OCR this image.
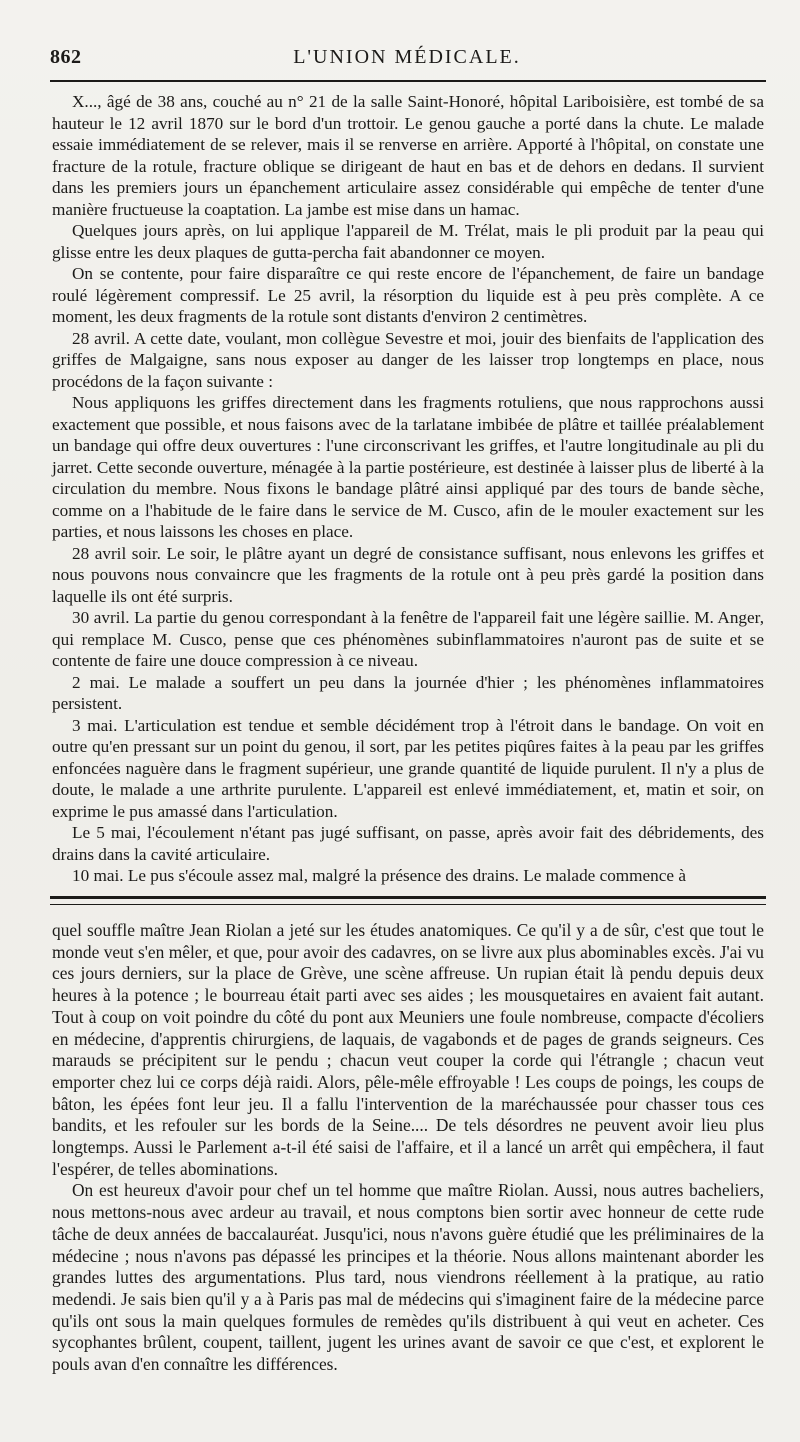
862	L'UNION MÉDICALE.

X..., âgé de 38 ans, couché au n° 21 de la salle Saint-Honoré, hôpital Lariboisière, est tombé de sa hauteur le 12 avril 1870 sur le bord d'un trottoir. Le genou gauche a porté dans la chute. Le malade essaie immédiatement de se relever, mais il se renverse en arrière. Apporté à l'hôpital, on constate une fracture de la rotule, fracture oblique se dirigeant de haut en bas et de dehors en dedans. Il survient dans les premiers jours un épanchement articulaire assez considérable qui empêche de tenter d'une manière fructueuse la coaptation. La jambe est mise dans un hamac.

Quelques jours après, on lui applique l'appareil de M. Trélat, mais le pli produit par la peau qui glisse entre les deux plaques de gutta-percha fait abandonner ce moyen.

On se contente, pour faire disparaître ce qui reste encore de l'épanchement, de faire un bandage roulé légèrement compressif. Le 25 avril, la résorption du liquide est à peu près complète. A ce moment, les deux fragments de la rotule sont distants d'environ 2 centimètres.

28 avril. A cette date, voulant, mon collègue Sevestre et moi, jouir des bienfaits de l'application des griffes de Malgaigne, sans nous exposer au danger de les laisser trop longtemps en place, nous procédons de la façon suivante :

Nous appliquons les griffes directement dans les fragments rotuliens, que nous rapprochons aussi exactement que possible, et nous faisons avec de la tarlatane imbibée de plâtre et taillée préalablement un bandage qui offre deux ouvertures : l'une circonscrivant les griffes, et l'autre longitudinale au pli du jarret. Cette seconde ouverture, ménagée à la partie postérieure, est destinée à laisser plus de liberté à la circulation du membre. Nous fixons le bandage plâtré ainsi appliqué par des tours de bande sèche, comme on a l'habitude de le faire dans le service de M. Cusco, afin de le mouler exactement sur les parties, et nous laissons les choses en place.

28 avril soir. Le soir, le plâtre ayant un degré de consistance suffisant, nous enlevons les griffes et nous pouvons nous convaincre que les fragments de la rotule ont à peu près gardé la position dans laquelle ils ont été surpris.

30 avril. La partie du genou correspondant à la fenêtre de l'appareil fait une légère saillie. M. Anger, qui remplace M. Cusco, pense que ces phénomènes subinflammatoires n'auront pas de suite et se contente de faire une douce compression à ce niveau.

2 mai. Le malade a souffert un peu dans la journée d'hier ; les phénomènes inflammatoires persistent.

3 mai. L'articulation est tendue et semble décidément trop à l'étroit dans le bandage. On voit en outre qu'en pressant sur un point du genou, il sort, par les petites piqûres faites à la peau par les griffes enfoncées naguère dans le fragment supérieur, une grande quantité de liquide purulent. Il n'y a plus de doute, le malade a une arthrite purulente. L'appareil est enlevé immédiatement, et, matin et soir, on exprime le pus amassé dans l'articulation.

Le 5 mai, l'écoulement n'étant pas jugé suffisant, on passe, après avoir fait des débridements, des drains dans la cavité articulaire.

10 mai. Le pus s'écoule assez mal, malgré la présence des drains. Le malade commence à

quel souffle maître Jean Riolan a jeté sur les études anatomiques. Ce qu'il y a de sûr, c'est que tout le monde veut s'en mêler, et que, pour avoir des cadavres, on se livre aux plus abominables excès. J'ai vu ces jours derniers, sur la place de Grève, une scène affreuse. Un rupian était là pendu depuis deux heures à la potence ; le bourreau était parti avec ses aides ; les mousquetaires en avaient fait autant. Tout à coup on voit poindre du côté du pont aux Meuniers une foule nombreuse, compacte d'écoliers en médecine, d'apprentis chirurgiens, de laquais, de vagabonds et de pages de grands seigneurs. Ces marauds se précipitent sur le pendu ; chacun veut couper la corde qui l'étrangle ; chacun veut emporter chez lui ce corps déjà raidi. Alors, pêle-mêle effroyable ! Les coups de poings, les coups de bâton, les épées font leur jeu. Il a fallu l'intervention de la maréchaussée pour chasser tous ces bandits, et les refouler sur les bords de la Seine.... De tels désordres ne peuvent avoir lieu plus longtemps. Aussi le Parlement a-t-il été saisi de l'affaire, et il a lancé un arrêt qui empêchera, il faut l'espérer, de telles abominations.

On est heureux d'avoir pour chef un tel homme que maître Riolan. Aussi, nous autres bacheliers, nous mettons-nous avec ardeur au travail, et nous comptons bien sortir avec honneur de cette rude tâche de deux années de baccalauréat. Jusqu'ici, nous n'avons guère étudié que les préliminaires de la médecine ; nous n'avons pas dépassé les principes et la théorie. Nous allons maintenant aborder les grandes luttes des argumentations. Plus tard, nous viendrons réellement à la pratique, au ratio medendi. Je sais bien qu'il y a à Paris pas mal de médecins qui s'imaginent faire de la médecine parce qu'ils ont sous la main quelques formules de remèdes qu'ils distribuent à qui veut en acheter. Ces sycophantes brûlent, coupent, taillent, jugent les urines avant de savoir ce que c'est, et explorent le pouls avan d'en connaître les différences.
